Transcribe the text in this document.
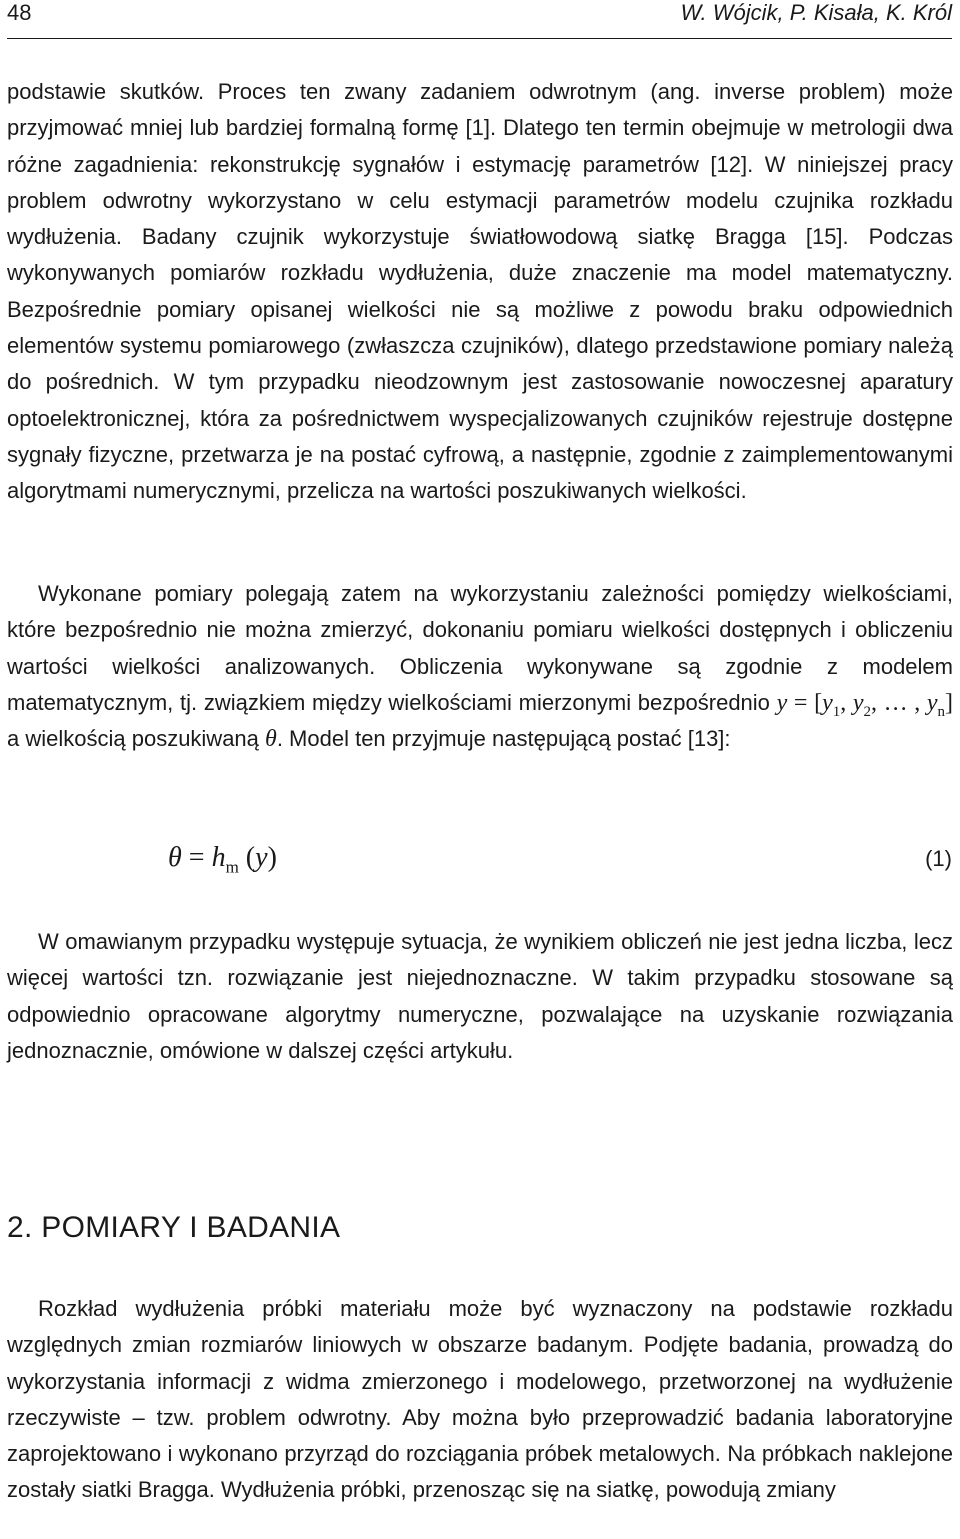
48	W. Wójcik, P. Kisała, K. Król

podstawie skutków. Proces ten zwany zadaniem odwrotnym (ang. inverse problem) może przyjmować mniej lub bardziej formalną formę [1]. Dlatego ten termin obejmuje w metrologii dwa różne zagadnienia: rekonstrukcję sygnałów i estymację parametrów [12]. W niniejszej pracy problem odwrotny wykorzystano w celu estymacji parametrów modelu czujnika rozkładu wydłużenia. Badany czujnik wykorzystuje światłowodową siatkę Bragga [15]. Podczas wykonywanych pomiarów rozkładu wydłużenia, duże znaczenie ma model matematyczny. Bezpośrednie pomiary opisanej wielkości nie są możliwe z powodu braku odpowiednich elementów systemu pomiarowego (zwłaszcza czujników), dlatego przedstawione pomiary należą do pośrednich. W tym przypadku nieodzownym jest zastosowanie nowoczesnej aparatury optoelektronicznej, która za pośrednictwem wyspecjalizowanych czujników rejestruje dostępne sygnały fizyczne, przetwarza je na postać cyfrową, a następnie, zgodnie z zaimplementowanymi algorytmami numerycznymi, przelicza na wartości poszukiwanych wielkości.

Wykonane pomiary polegają zatem na wykorzystaniu zależności pomiędzy wielkościami, które bezpośrednio nie można zmierzyć, dokonaniu pomiaru wielkości dostępnych i obliczeniu wartości wielkości analizowanych. Obliczenia wykonywane są zgodnie z modelem matematycznym, tj. związkiem między wielkościami mierzonymi bezpośrednio $y = [y_1$, $y_2$, … , $y_n$] a wielkością poszukiwaną θ. Model ten przyjmuje następującą postać [13]:

$\theta = h_m$ (y)	(1)

W omawianym przypadku występuje sytuacja, że wynikiem obliczeń nie jest jedna liczba, lecz więcej wartości tzn. rozwiązanie jest niejednoznaczne. W takim przypadku stosowane są odpowiednio opracowane algorytmy numeryczne, pozwalające na uzyskanie rozwiązania jednoznacznie, omówione w dalszej części artykułu.

2. POMIARY I BADANIA

Rozkład wydłużenia próbki materiału może być wyznaczony na podstawie rozkładu względnych zmian rozmiarów liniowych w obszarze badanym. Podjęte badania, prowadzą do wykorzystania informacji z widma zmierzonego i modelowego, przetworzonej na wydłużenie rzeczywiste – tzw. problem odwrotny. Aby można było przeprowadzić badania laboratoryjne zaprojektowano i wykonano przyrząd do rozciągania próbek metalowych. Na próbkach naklejone zostały siatki Bragga. Wydłużenia próbki, przenosząc się na siatkę, powodują zmiany
